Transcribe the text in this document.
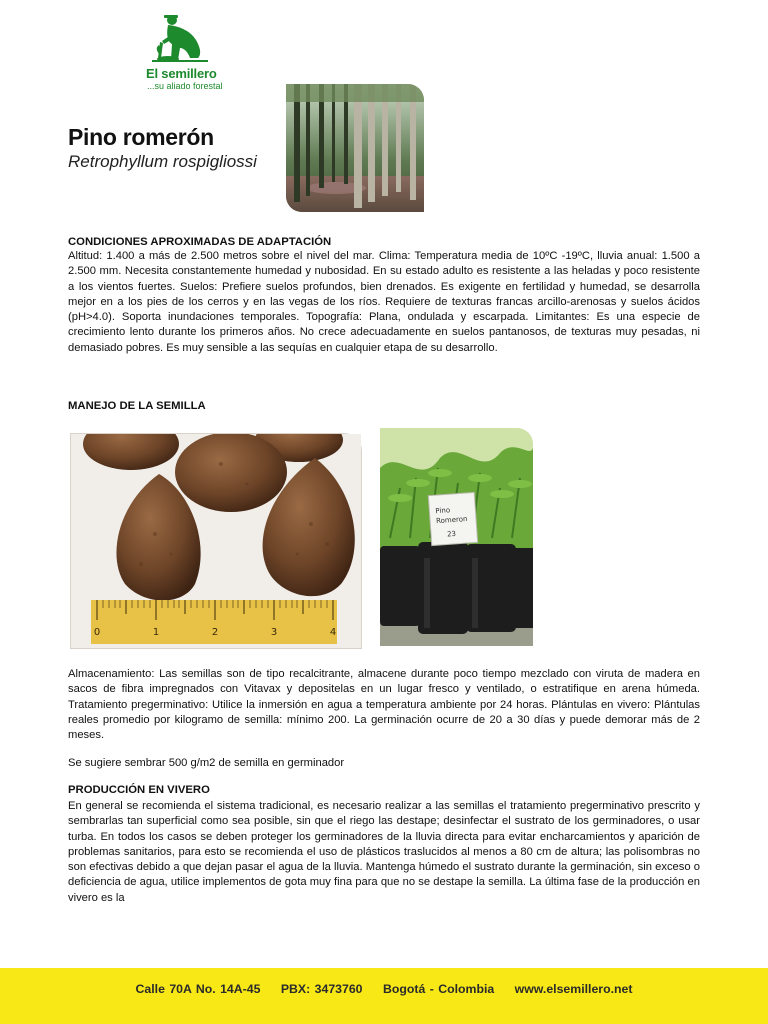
El semillero
...su aliado forestal
Pino romerón
Retrophyllum rospigliossi
CONDICIONES APROXIMADAS DE ADAPTACIÓN
Altitud: 1.400 a más de 2.500 metros sobre el nivel del mar. Clima: Temperatura media de 10ºC -19ºC, lluvia anual: 1.500 a 2.500 mm. Necesita constantemente humedad y nubosidad. En su estado adulto es resistente a las heladas y poco resistente a los vientos fuertes. Suelos: Prefiere suelos profundos, bien drenados. Es exigente en fertilidad y humedad, se desarrolla mejor en a los pies de los cerros y en las vegas de los ríos. Requiere de texturas francas arcillo-arenosas y suelos ácidos (pH>4.0). Soporta inundaciones temporales. Topografía: Plana, ondulada y escarpada. Limitantes: Es una especie de crecimiento lento durante los primeros años. No crece adecuadamente en suelos pantanosos, de texturas muy pesadas, ni demasiado pobres. Es muy sensible a las sequías en cualquier etapa de su desarrollo.
MANEJO DE LA SEMILLA
0	1	2	3	4
Pino
Romeron
23
Almacenamiento: Las semillas son de tipo recalcitrante, almacene durante poco tiempo mezclado con viruta de madera en sacos de fibra impregnados con Vitavax y depositelas en un lugar fresco y ventilado, o estratifique en arena húmeda. Tratamiento pregerminativo: Utilice la inmersión en agua a temperatura ambiente por 24 horas. Plántulas en vivero: Plántulas reales promedio por kilogramo de semilla: mínimo 200. La germinación ocurre de 20 a 30 días y puede demorar más de 2 meses.
Se sugiere sembrar 500 g/m2 de semilla en germinador
PRODUCCIÓN EN VIVERO
En general se recomienda el sistema tradicional, es necesario realizar a las semillas el tratamiento pregerminativo prescrito y sembrarlas tan superficial como sea posible, sin que el riego las destape; desinfectar el sustrato de los germinadores, o usar turba. En todos los casos se deben proteger los germinadores de la lluvia directa para evitar encharcamientos y aparición de problemas sanitarios, para esto se recomienda el uso de plásticos traslucidos al menos a 80 cm de altura; las polisombras no son efectivas debido a que dejan pasar el agua de la lluvia. Mantenga húmedo el sustrato durante la germinación, sin exceso o deficiencia de agua, utilice implementos de gota muy fina para que no se destape la semilla. La última fase de la producción en vivero es la
Calle 70A No. 14A-45 PBX: 3473760 Bogotá - Colombia www.elsemillero.net
